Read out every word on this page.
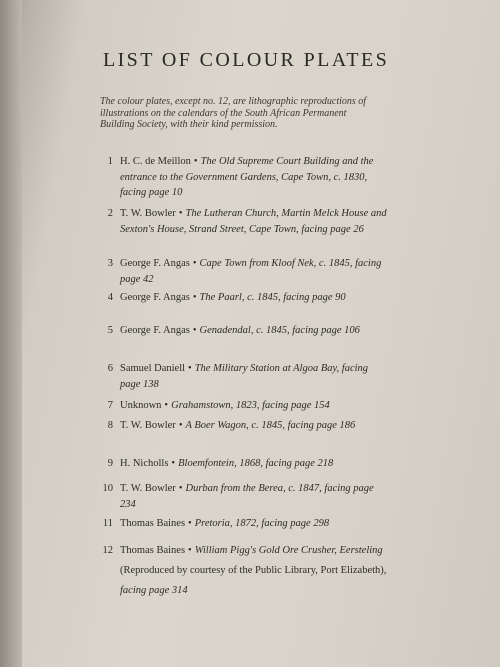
LIST OF COLOUR PLATES
The colour plates, except no. 12, are lithographic reproductions of illustrations on the calendars of the South African Permanent Building Society, with their kind permission.
1 H. C. de Meillon • The Old Supreme Court Building and the entrance to the Government Gardens, Cape Town, c. 1830, facing page 10
2 T. W. Bowler • The Lutheran Church, Martin Melck House and Sexton's House, Strand Street, Cape Town, facing page 26
3 George F. Angas • Cape Town from Kloof Nek, c. 1845, facing page 42
4 George F. Angas • The Paarl, c. 1845, facing page 90
5 George F. Angas • Genadendal, c. 1845, facing page 106
6 Samuel Daniell • The Military Station at Algoa Bay, facing page 138
7 Unknown • Grahamstown, 1823, facing page 154
8 T. W. Bowler • A Boer Wagon, c. 1845, facing page 186
9 H. Nicholls • Bloemfontein, 1868, facing page 218
10 T. W. Bowler • Durban from the Berea, c. 1847, facing page 234
11 Thomas Baines • Pretoria, 1872, facing page 298
12 Thomas Baines • William Pigg's Gold Ore Crusher, Eersteling (Reproduced by courtesy of the Public Library, Port Elizabeth), facing page 314
